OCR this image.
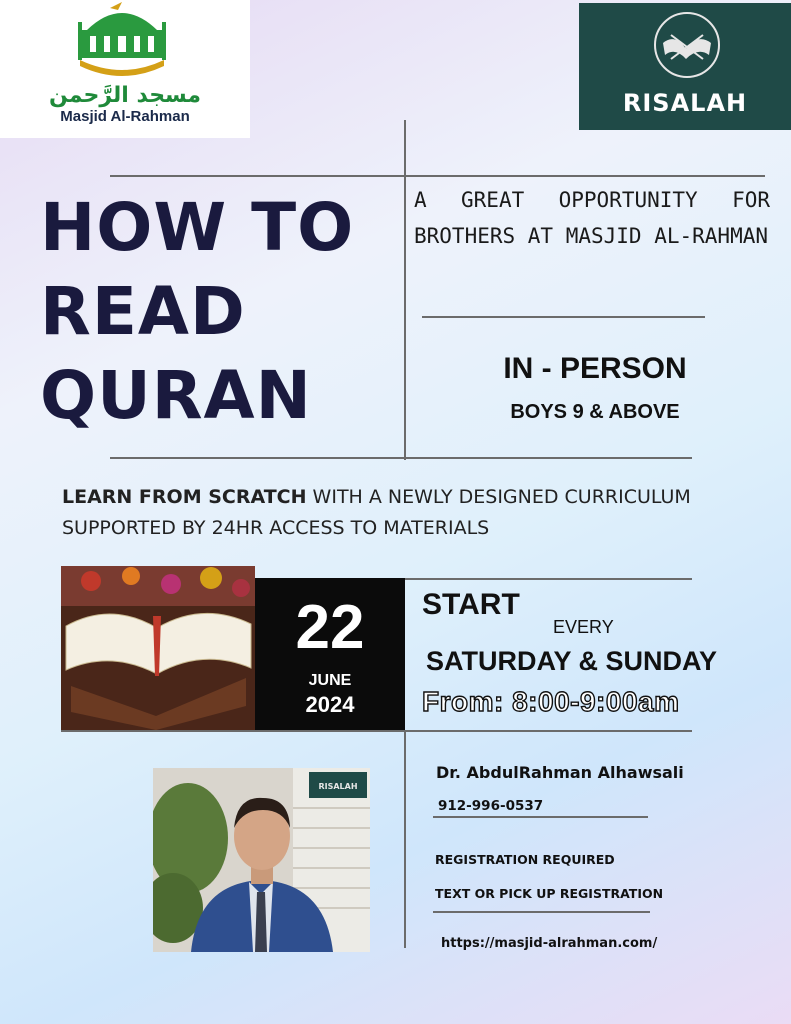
مسجد الرَّحمن
Masjid Al-Rahman	RISALAH
HOW TO
READ
QURAN
A GREAT OPPORTUNITY FOR BROTHERS AT MASJID AL-RAHMAN
IN - PERSON
BOYS 9 & ABOVE
LEARN FROM SCRATCH WITH A NEWLY DESIGNED CURRICULUM SUPPORTED BY 24HR ACCESS TO MATERIALS
22
JUNE
2024
START
EVERY
SATURDAY & SUNDAY
From: 8:00-9:00am
RISALAH
Dr. AbdulRahman Alhawsali
912-996-0537
REGISTRATION REQUIRED
TEXT OR PICK UP REGISTRATION
https://masjid-alrahman.com/
